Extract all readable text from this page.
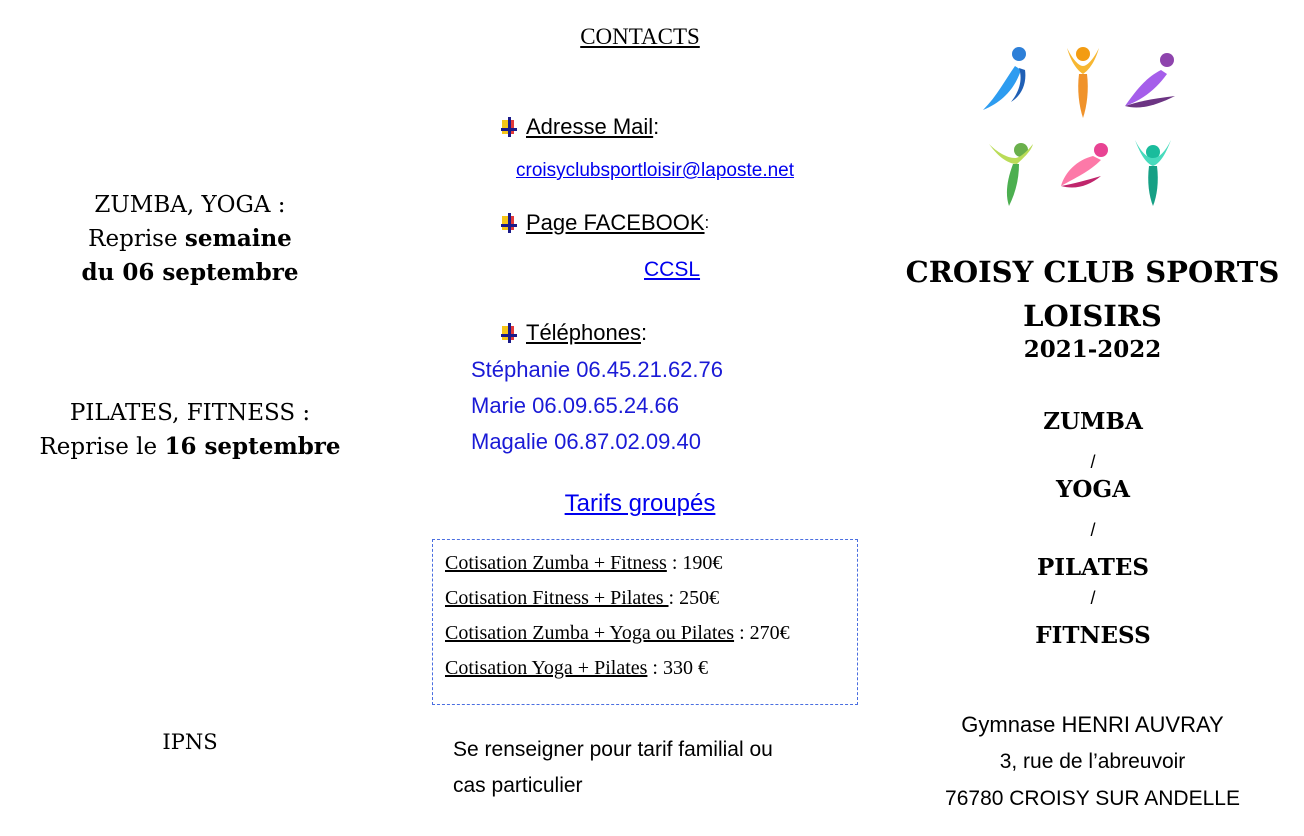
ZUMBA, YOGA :
Reprise semaine
du 06 septembre
PILATES, FITNESS :
Reprise le 16 septembre
IPNS
CONTACTS
Adresse Mail :
croisyclubsportloisir@laposte.net
Page FACEBOOK :
CCSL
Téléphones :
Stéphanie 06.45.21.62.76
Marie 06.09.65.24.66
Magalie 06.87.02.09.40
Tarifs groupés
Cotisation Zumba + Fitness : 190€
Cotisation Fitness + Pilates : 250€
Cotisation Zumba + Yoga ou Pilates : 270€
Cotisation Yoga + Pilates : 330 €
Se renseigner pour tarif familial ou
cas particulier
CROISY CLUB SPORTS
LOISIRS
2021-2022
ZUMBA
/
YOGA
/
PILATES
/
FITNESS
Gymnase HENRI AUVRAY
3, rue de l’abreuvoir
76780 CROISY SUR ANDELLE
